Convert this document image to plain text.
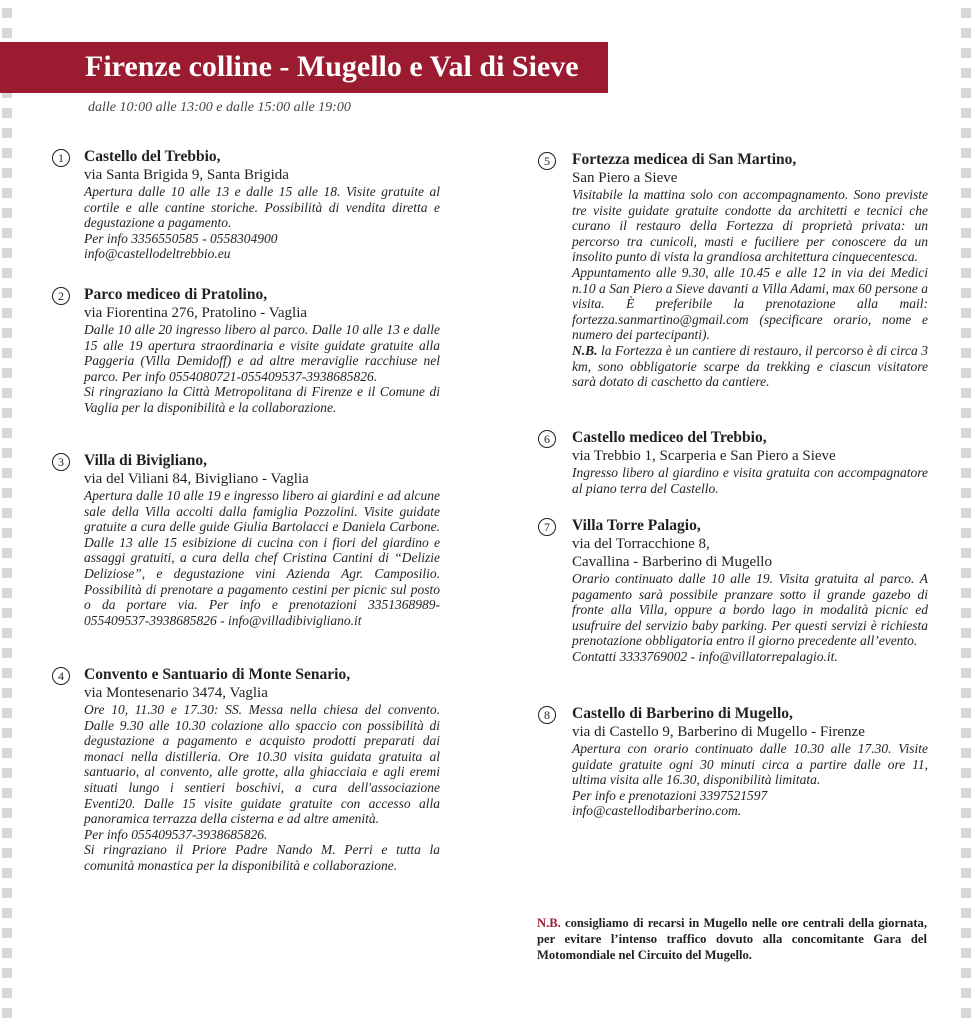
Firenze colline - Mugello e Val di Sieve
dalle 10:00 alle 13:00 e dalle 15:00 alle 19:00
1	Castello del Trebbio,
via Santa Brigida 9, Santa Brigida
Apertura dalle 10 alle 13 e dalle 15 alle 18. Visite gratuite al cortile e alle cantine storiche. Possibilità di vendita diretta e degustazione a pagamento.
Per info 3356550585 - 0558304900
info@castellodeltrebbio.eu
2	Parco mediceo di Pratolino,
via Fiorentina 276, Pratolino - Vaglia
Dalle 10 alle 20 ingresso libero al parco. Dalle 10 alle 13 e dalle 15 alle 19 apertura straordinaria e visite guidate gratuite alla Paggeria (Villa Demidoff) e ad altre meraviglie racchiuse nel parco. Per info 0554080721-055409537-3938685826.
Si ringraziano la Città Metropolitana di Firenze e il Comune di Vaglia per la disponibilità e la collaborazione.
3	Villa di Bivigliano,
via del Viliani 84, Bivigliano - Vaglia
Apertura dalle 10 alle 19 e ingresso libero ai giardini e ad alcune sale della Villa accolti dalla famiglia Pozzolini. Visite guidate gratuite a cura delle guide Giulia Bartolacci e Daniela Carbone. Dalle 13 alle 15 esibizione di cucina con i fiori del giardino e assaggi gratuiti, a cura della chef Cristina Cantini di “Delizie Deliziose”, e degustazione vini Azienda Agr. Camposilio. Possibilità di prenotare a pagamento cestini per picnic sul posto o da portare via. Per info e prenotazioni 3351368989-055409537-3938685826 - info@villadibivigliano.it
4	Convento e Santuario di Monte Senario,
via Montesenario 3474, Vaglia
Ore 10, 11.30 e 17.30: SS. Messa nella chiesa del convento. Dalle 9.30 alle 10.30 colazione allo spaccio con possibilità di degustazione a pagamento e acquisto prodotti preparati dai monaci nella distilleria. Ore 10.30 visita guidata gratuita al santuario, al convento, alle grotte, alla ghiacciaia e agli eremi situati lungo i sentieri boschivi, a cura dell'associazione Eventi20. Dalle 15 visite guidate gratuite con accesso alla panoramica terrazza della cisterna e ad altre amenità.
Per info 055409537-3938685826.
Si ringraziano il Priore Padre Nando M. Perri e tutta la comunità monastica per la disponibilità e collaborazione.
5	Fortezza medicea di San Martino,
San Piero a Sieve
Visitabile la mattina solo con accompagnamento. Sono previste tre visite guidate gratuite condotte da architetti e tecnici che curano il restauro della Fortezza di proprietà privata: un percorso tra cunicoli, masti e fuciliere per conoscere da un insolito punto di vista la grandiosa architettura cinquecentesca.
Appuntamento alle 9.30, alle 10.45 e alle 12 in via dei Medici n.10 a San Piero a Sieve davanti a Villa Adami, max 60 persone a visita. È preferibile la prenotazione alla mail: fortezza.sanmartino@gmail.com (specificare orario, nome e numero dei partecipanti).
N.B. la Fortezza è un cantiere di restauro, il percorso è di circa 3 km, sono obbligatorie scarpe da trekking e ciascun visitatore sarà dotato di caschetto da cantiere.
6	Castello mediceo del Trebbio,
via Trebbio 1, Scarperia e San Piero a Sieve
Ingresso libero al giardino e visita gratuita con accompagnatore al piano terra del Castello.
7	Villa Torre Palagio,
via del Torracchione 8,
Cavallina - Barberino di Mugello
Orario continuato dalle 10 alle 19. Visita gratuita al parco. A pagamento sarà possibile pranzare sotto il grande gazebo di fronte alla Villa, oppure a bordo lago in modalità picnic ed usufruire del servizio baby parking. Per questi servizi è richiesta prenotazione obbligatoria entro il giorno precedente all’evento.
Contatti 3333769002 - info@villatorrepalagio.it.
8	Castello di Barberino di Mugello,
via di Castello 9, Barberino di Mugello - Firenze
Apertura con orario continuato dalle 10.30 alle 17.30. Visite guidate gratuite ogni 30 minuti circa a partire dalle ore 11, ultima visita alle 16.30, disponibilità limitata.
Per info e prenotazioni 3397521597
info@castellodibarberino.com.
N.B. consigliamo di recarsi in Mugello nelle ore centrali della giornata, per evitare l’intenso traffico dovuto alla concomitante Gara del Motomondiale nel Circuito del Mugello.
